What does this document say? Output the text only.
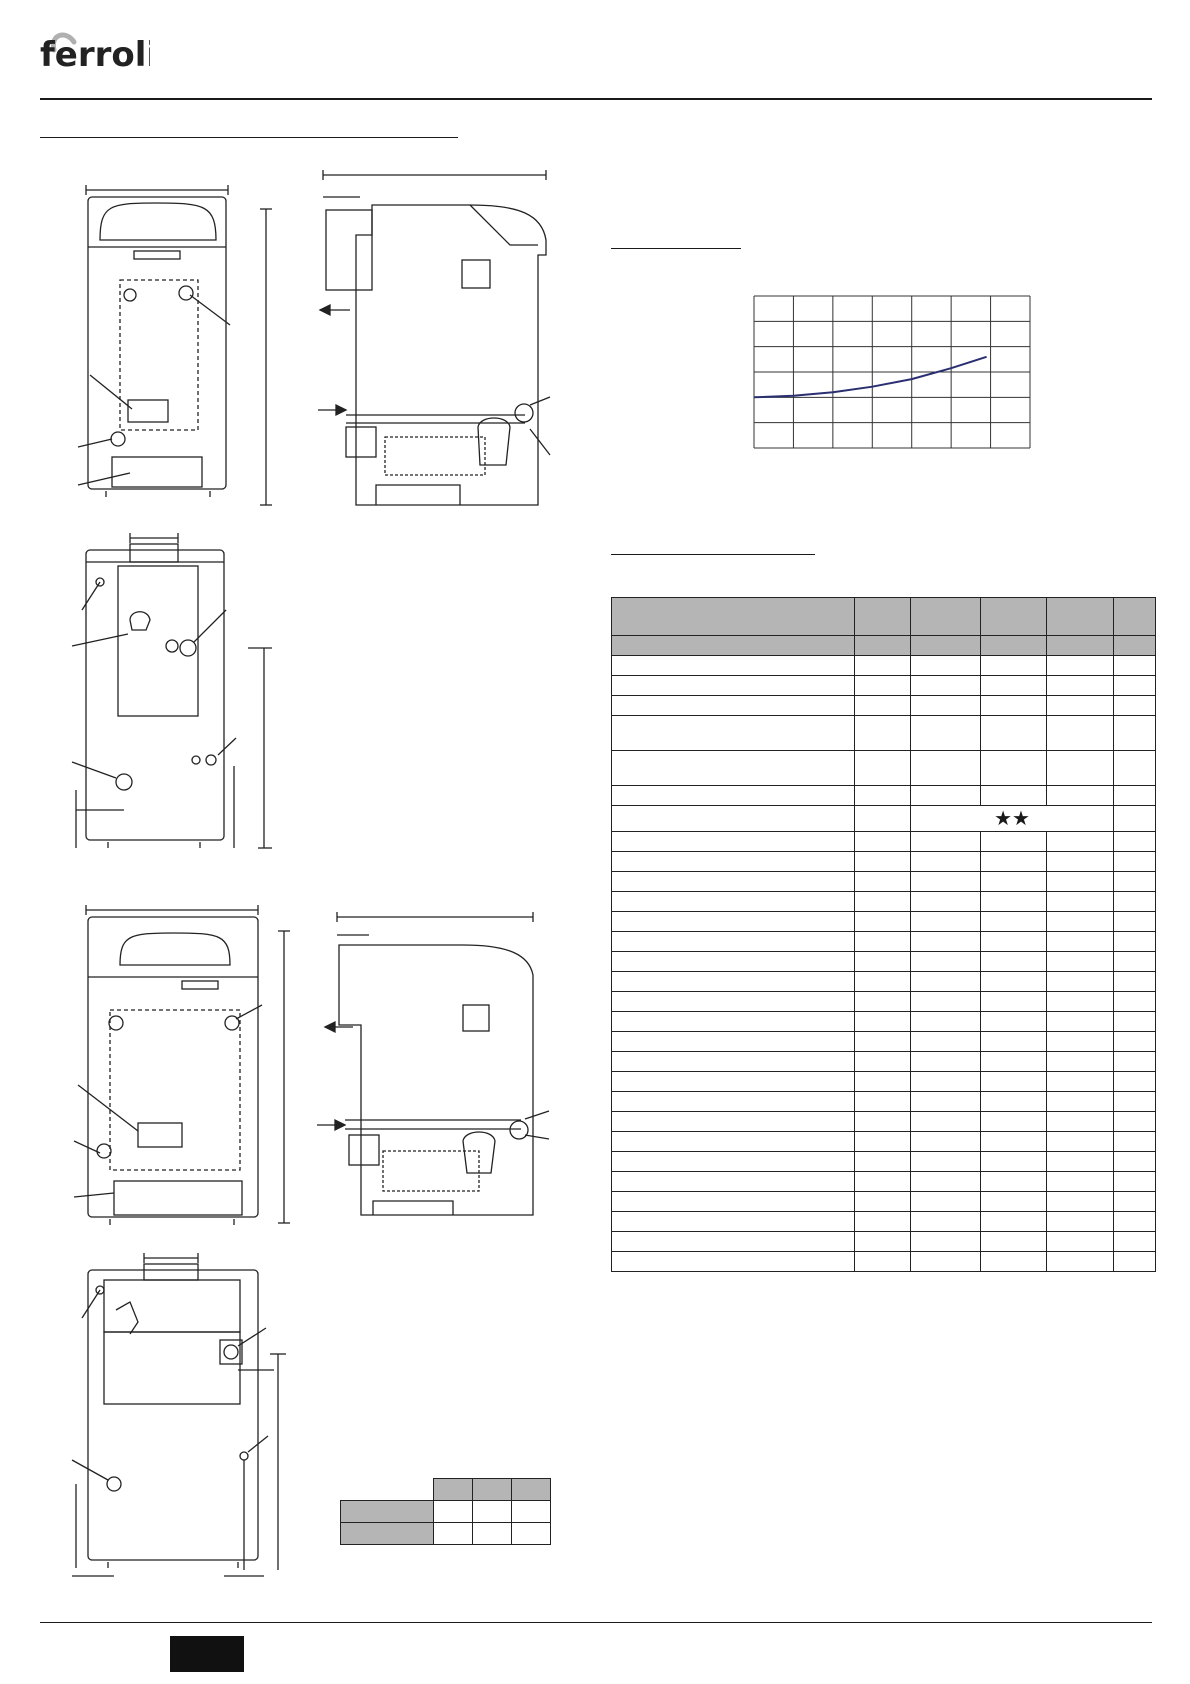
ferroli

		★★			
